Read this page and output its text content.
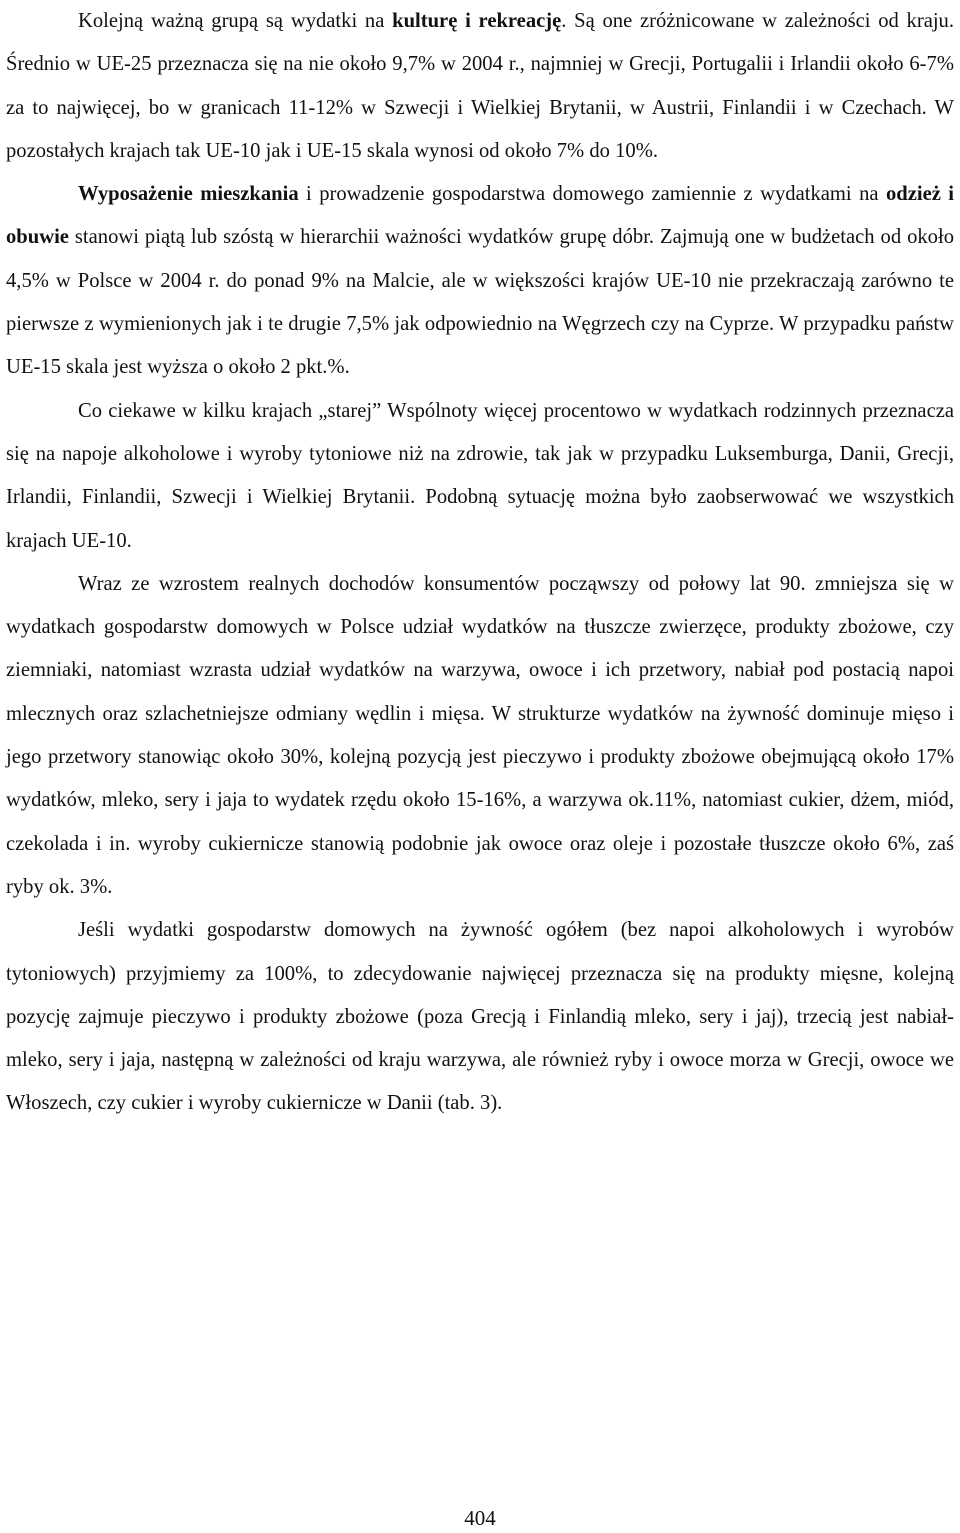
Kolejną ważną grupą są wydatki na kulturę i rekreację. Są one zróżnicowane w zależności od kraju. Średnio w UE-25 przeznacza się na nie około 9,7% w 2004 r., najmniej w Grecji, Portugalii i Irlandii około 6-7% za to najwięcej, bo w granicach 11-12% w Szwecji i Wielkiej Brytanii, w Austrii, Finlandii i w Czechach. W pozostałych krajach tak UE-10 jak i UE-15 skala wynosi od około 7% do 10%.

Wyposażenie mieszkania i prowadzenie gospodarstwa domowego zamiennie z wydatkami na odzież i obuwie stanowi piątą lub szóstą w hierarchii ważności wydatków grupę dóbr. Zajmują one w budżetach od około 4,5% w Polsce w 2004 r. do ponad 9% na Malcie, ale w większości krajów UE-10 nie przekraczają zarówno te pierwsze z wymienionych jak i te drugie 7,5% jak odpowiednio na Węgrzech czy na Cyprze. W przypadku państw UE-15 skala jest wyższa o około 2 pkt.%.

Co ciekawe w kilku krajach „starej” Wspólnoty więcej procentowo w wydatkach rodzinnych przeznacza się na napoje alkoholowe i wyroby tytoniowe niż na zdrowie, tak jak w przypadku Luksemburga, Danii, Grecji, Irlandii, Finlandii, Szwecji i Wielkiej Brytanii. Podobną sytuację można było zaobserwować we wszystkich krajach UE-10.

Wraz ze wzrostem realnych dochodów konsumentów począwszy od połowy lat 90. zmniejsza się w wydatkach gospodarstw domowych w Polsce udział wydatków na tłuszcze zwierzęce, produkty zbożowe, czy ziemniaki, natomiast wzrasta udział wydatków na warzywa, owoce i ich przetwory, nabiał pod postacią napoi mlecznych oraz szlachetniejsze odmiany wędlin i mięsa. W strukturze wydatków na żywność dominuje mięso i jego przetwory stanowiąc około 30%, kolejną pozycją jest pieczywo i produkty zbożowe obejmującą około 17% wydatków, mleko, sery i jaja to wydatek rzędu około 15-16%, a warzywa ok.11%, natomiast cukier, dżem, miód, czekolada i in. wyroby cukiernicze stanowią podobnie jak owoce oraz oleje i pozostałe tłuszcze około 6%, zaś ryby ok. 3%.

Jeśli wydatki gospodarstw domowych na żywność ogółem (bez napoi alkoholowych i wyrobów tytoniowych) przyjmiemy za 100%, to zdecydowanie najwięcej przeznacza się na produkty mięsne, kolejną pozycję zajmuje pieczywo i produkty zbożowe (poza Grecją i Finlandią mleko, sery i jaj), trzecią jest nabiał-mleko, sery i jaja, następną w zależności od kraju warzywa, ale również ryby i owoce morza w Grecji, owoce we Włoszech, czy cukier i wyroby cukiernicze w Danii (tab. 3).

404
